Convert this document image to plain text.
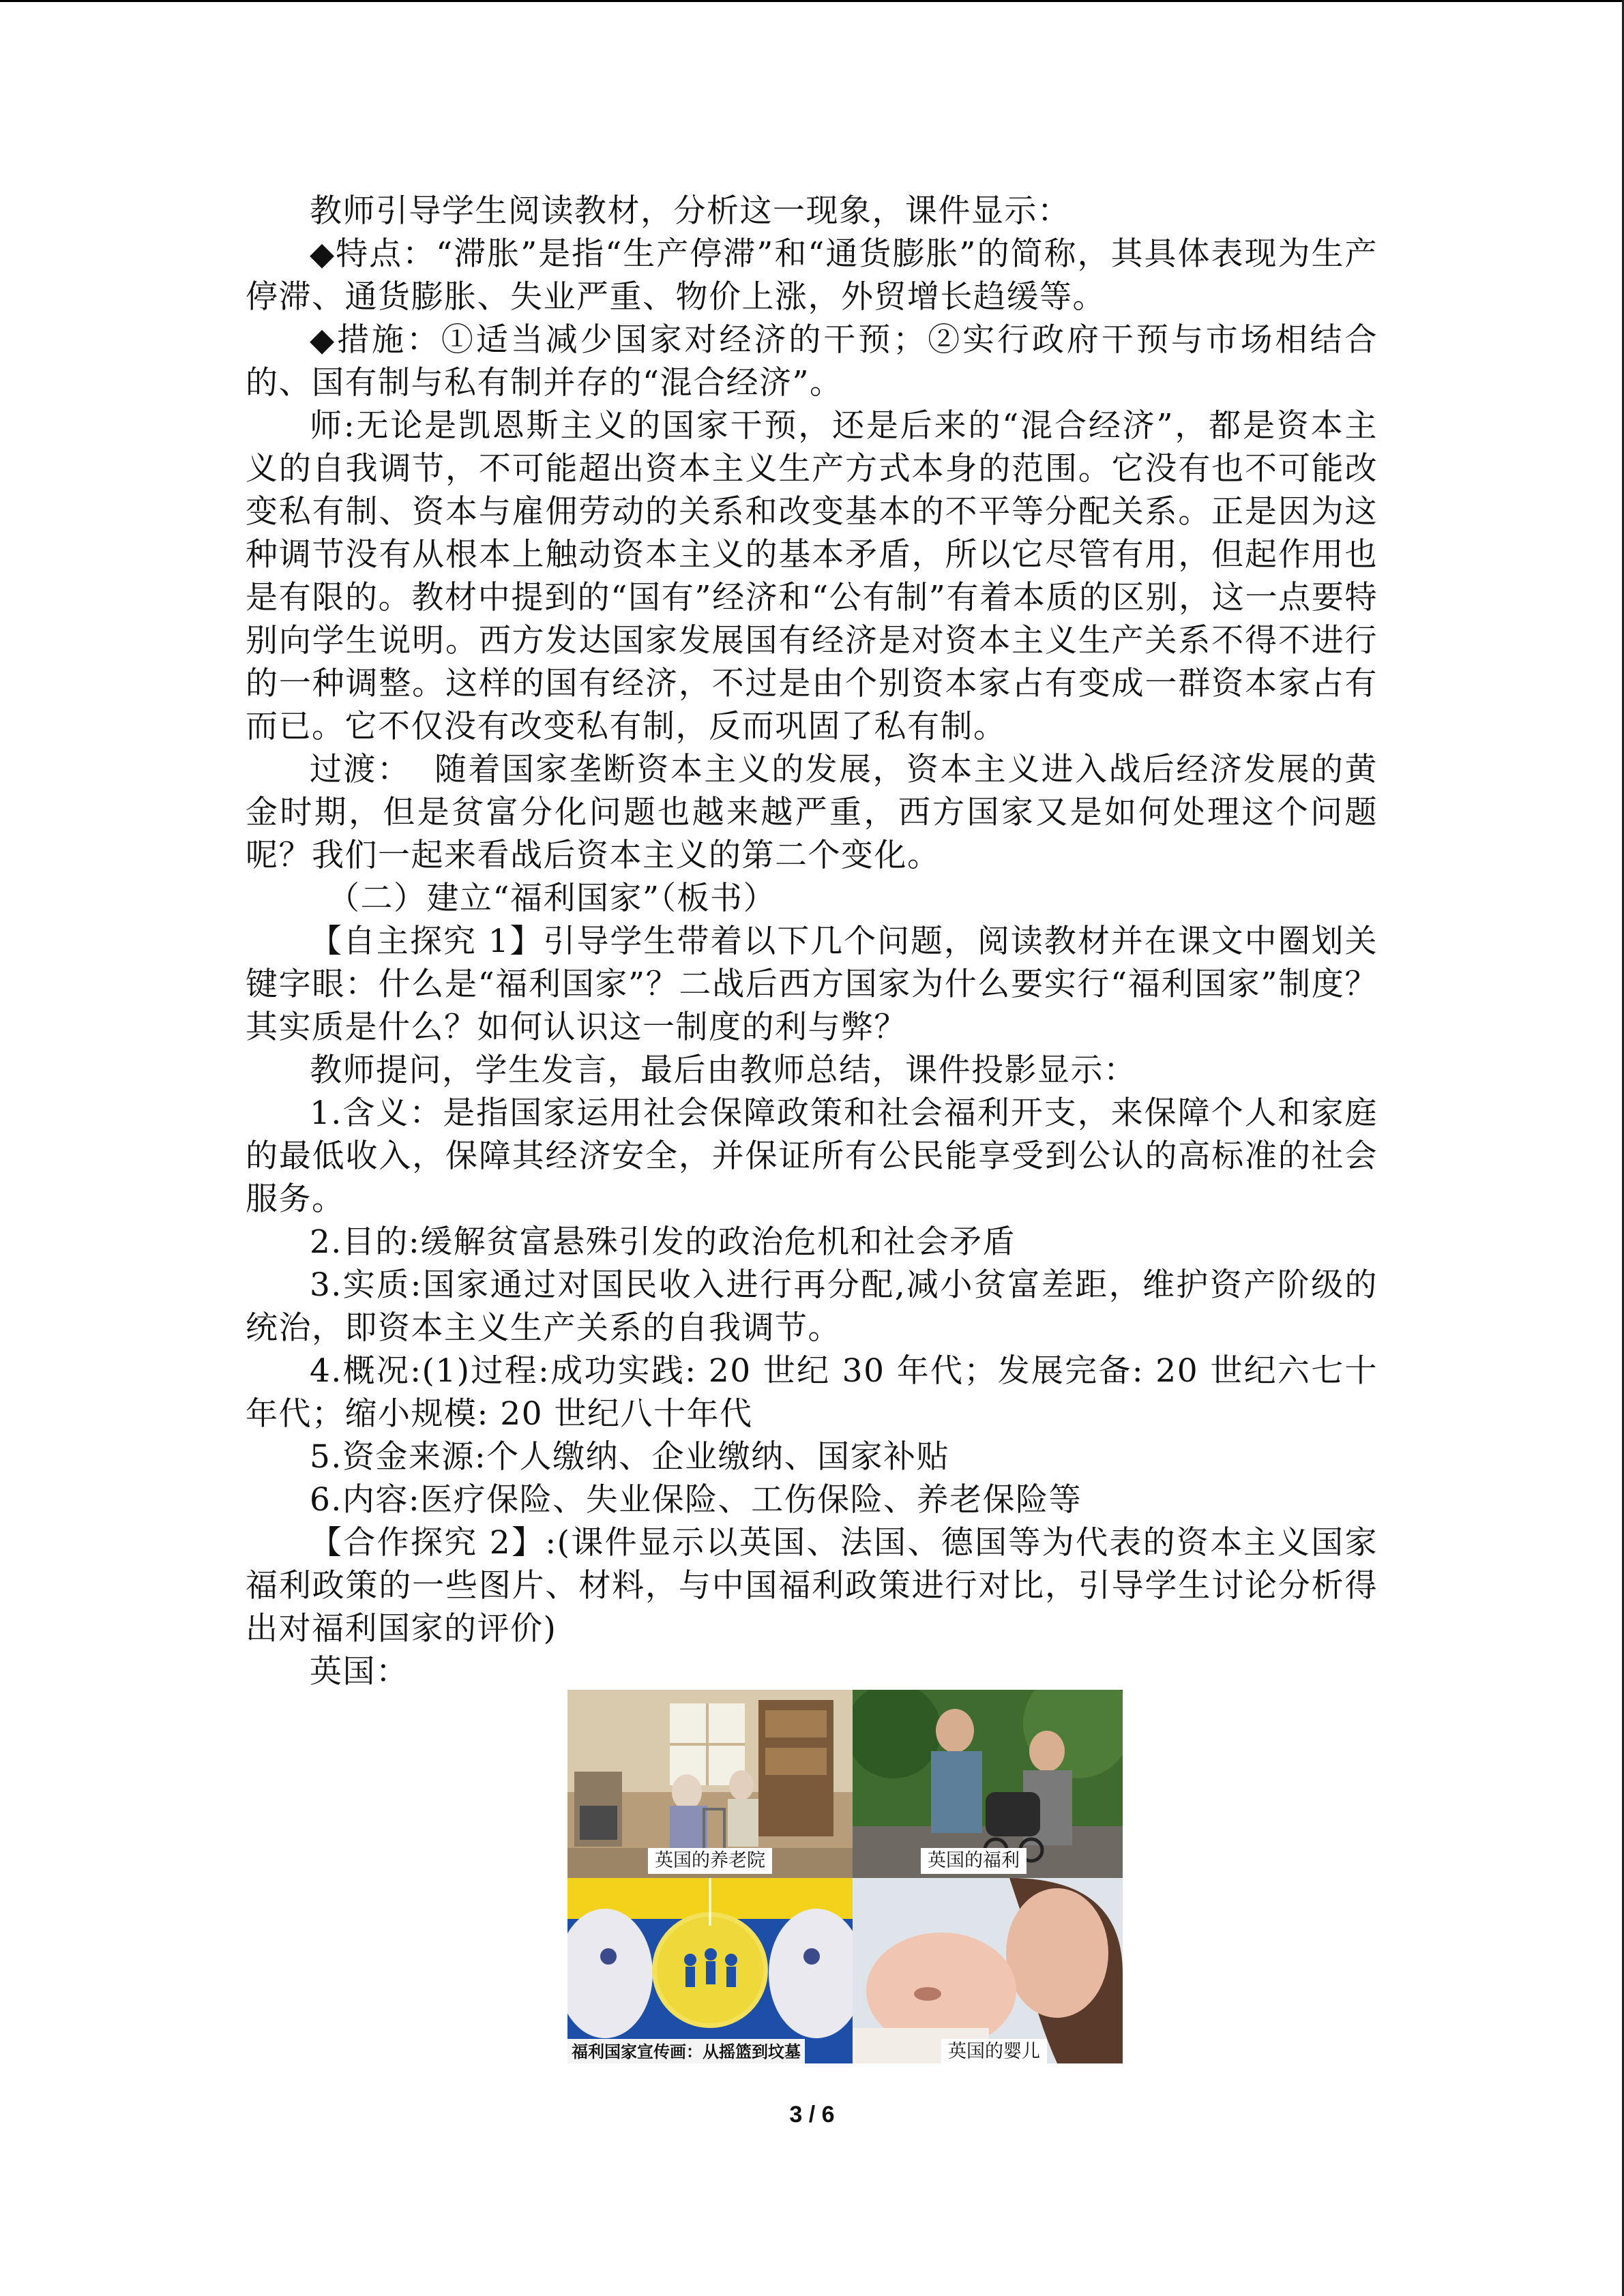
教师引导学生阅读教材，分析这一现象，课件显示：

◆特点：“滞胀”是指“生产停滞”和“通货膨胀”的简称，其具体表现为生产停滞、通货膨胀、失业严重、物价上涨，外贸增长趋缓等。

◆措施：①适当减少国家对经济的干预；②实行政府干预与市场相结合的、国有制与私有制并存的“混合经济”。

师:无论是凯恩斯主义的国家干预，还是后来的“混合经济”，都是资本主义的自我调节，不可能超出资本主义生产方式本身的范围。它没有也不可能改变私有制、资本与雇佣劳动的关系和改变基本的不平等分配关系。正是因为这种调节没有从根本上触动资本主义的基本矛盾，所以它尽管有用，但起作用也是有限的。教材中提到的“国有”经济和“公有制”有着本质的区别，这一点要特别向学生说明。西方发达国家发展国有经济是对资本主义生产关系不得不进行的一种调整。这样的国有经济，不过是由个别资本家占有变成一群资本家占有而已。它不仅没有改变私有制，反而巩固了私有制。

过渡：  随着国家垄断资本主义的发展，资本主义进入战后经济发展的黄金时期，但是贫富分化问题也越来越严重，西方国家又是如何处理这个问题呢？我们一起来看战后资本主义的第二个变化。

（二）建立“福利国家”（板书）

【自主探究 1】引导学生带着以下几个问题，阅读教材并在课文中圈划关键字眼：什么是“福利国家”？二战后西方国家为什么要实行“福利国家”制度？其实质是什么？如何认识这一制度的利与弊？

教师提问，学生发言，最后由教师总结，课件投影显示：

1.含义：是指国家运用社会保障政策和社会福利开支，来保障个人和家庭的最低收入，保障其经济安全，并保证所有公民能享受到公认的高标准的社会服务。

2.目的:缓解贫富悬殊引发的政治危机和社会矛盾

3.实质:国家通过对国民收入进行再分配,减小贫富差距，维护资产阶级的统治，即资本主义生产关系的自我调节。

4.概况:(1)过程:成功实践: 20 世纪 30 年代；发展完备: 20 世纪六七十年代；缩小规模: 20 世纪八十年代

5.资金来源:个人缴纳、企业缴纳、国家补贴

6.内容:医疗保险、失业保险、工伤保险、养老保险等

【合作探究 2】:(课件显示以英国、法国、德国等为代表的资本主义国家福利政策的一些图片、材料，与中国福利政策进行对比，引导学生讨论分析得出对福利国家的评价)

英国：

英国的养老院	英国的福利
福利国家宣传画：从摇篮到坟墓	英国的婴儿
3 / 6
